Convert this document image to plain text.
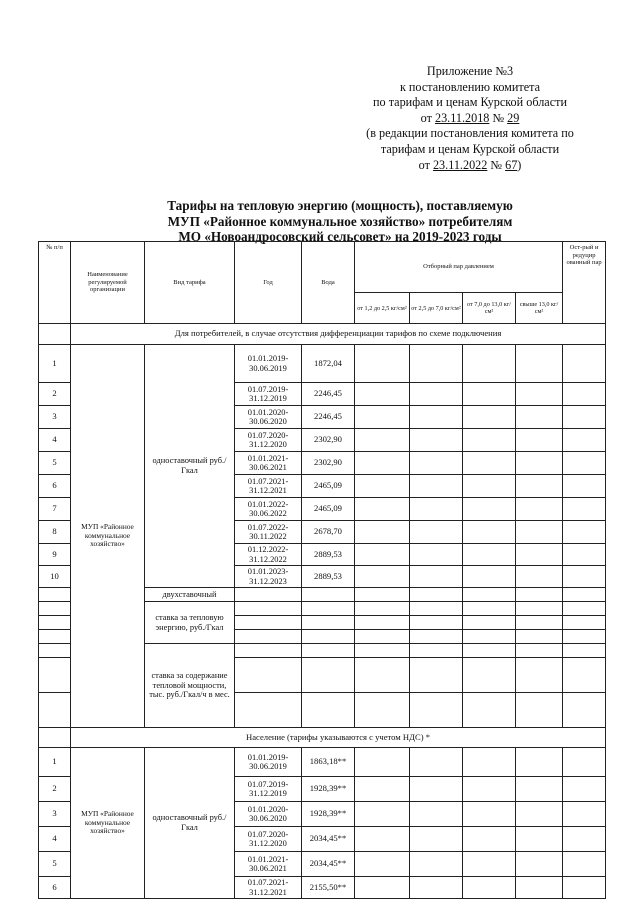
Приложение №3
к постановлению комитета
по тарифам и ценам Курской области
от 23.11.2018 № 29
(в редакции постановления комитета по
тарифам и ценам Курской области
от 23.11.2022 № 67)
Тарифы на тепловую энергию (мощность), поставляемую
МУП «Районное коммунальное хозяйство» потребителям
МО «Новоандросовский сельсовет» на 2019-2023 годы
№ п/п	Наименование регулируемой организации	Вид тарифа	Год	Вода	Отборный пар давлением				Ост-рый и редуцир ованный пар
					от 1,2 до 2,5 кг/см²	от 2,5 до 7,0 кг/см²	от 7,0 до 13,0 кг/см²	свыше 13,0 кг/см²	
	Для потребителей, в случае отсутствия дифференциации тарифов по схеме подключения								
1	МУП «Районное коммунальное хозяйство»	одноставочный руб./Гкал	01.01.2019-30.06.2019	1872,04					
2			01.07.2019-31.12.2019	2246,45					
3			01.01.2020-30.06.2020	2246,45					
4			01.07.2020-31.12.2020	2302,90					
5			01.01.2021-30.06.2021	2302,90					
6			01.07.2021-31.12.2021	2465,09					
7			01.01.2022-30.06.2022	2465,09					
8			01.07.2022-30.11.2022	2678,70					
9			01.12.2022-31.12.2022	2889,53					
10			01.01.2023-31.12.2023	2889,53					
		двухставочный							
		ставка за тепловую энергию, руб./Гкал							

		ставка за содержание тепловой мощности, тыс. руб./Гкал/ч в мес.							

	Население (тарифы указываются с учетом НДС) *								
1	МУП «Районное коммунальное хозяйство»	одноставочный руб./Гкал	01.01.2019-30.06.2019	1863,18**					
2			01.07.2019-31.12.2019	1928,39**					
3			01.01.2020-30.06.2020	1928,39**					
4			01.07.2020-31.12.2020	2034,45**					
5			01.01.2021-30.06.2021	2034,45**					
6			01.07.2021-31.12.2021	2155,50**					
